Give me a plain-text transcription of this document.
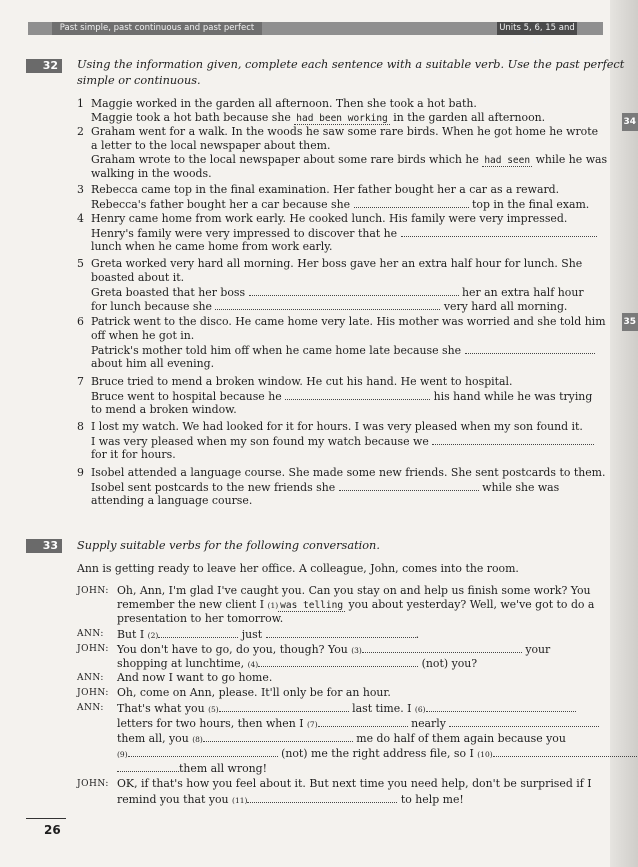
Past simple, past continuous and past perfect	Units 5, 6, 15 and 16
34
35
32	Using the information given, complete each sentence with a suitable verb. Use the past perfect
simple or continuous.
1 Maggie worked in the garden all afternoon. Then she took a hot bath.
Maggie took a hot bath because she had been working in the garden all afternoon.
2 Graham went for a walk. In the woods he saw some rare birds. When he got home he wrote
a letter to the local newspaper about them.
Graham wrote to the local newspaper about some rare birds which he had seen while he was
walking in the woods.
3 Rebecca came top in the final examination. Her father bought her a car as a reward.
Rebecca's father bought her a car because she	top in the final exam.
4 Henry came home from work early. He cooked lunch. His family were very impressed.
Henry's family were very impressed to discover that he
lunch when he came home from work early.
5 Greta worked very hard all morning. Her boss gave her an extra half hour for lunch. She
boasted about it.
Greta boasted that her boss	her an extra half hour
for lunch because she	very hard all morning.
6 Patrick went to the disco. He came home very late. His mother was worried and she told him
off when he got in.
Patrick's mother told him off when he came home late because she
about him all evening.
7 Bruce tried to mend a broken window. He cut his hand. He went to hospital.
Bruce went to hospital because he	his hand while he was trying
to mend a broken window.
8 I lost my watch. We had looked for it for hours. I was very pleased when my son found it.
I was very pleased when my son found my watch because we
for it for hours.
9 Isobel attended a language course. She made some new friends. She sent postcards to them.
Isobel sent postcards to the new friends she	while she was
attending a language course.
33	Supply suitable verbs for the following conversation.
Ann is getting ready to leave her office. A colleague, John, comes into the room.
JOHN: Oh, Ann, I'm glad I've caught you. Can you stay on and help us finish some work? You
remember the new client I (1) was telling you about yesterday? Well, we've got to do a
presentation to her tomorrow.
ANN: But I (2)	just	.
JOHN: You don't have to go, do you, though? You (3)	your
shopping at lunchtime, (4)	(not) you?
ANN: And now I want to go home.
JOHN: Oh, come on Ann, please. It'll only be for an hour.
ANN: That's what you (5)	last time. I (6)
letters for two hours, then when I (7)	nearly
them all, you (8)	me do half of them again because you
(9)	(not) me the right address file, so I (10)
them all wrong!
JOHN: OK, if that's how you feel about it. But next time you need help, don't be surprised if I
remind you that you (11)	to help me!
26
